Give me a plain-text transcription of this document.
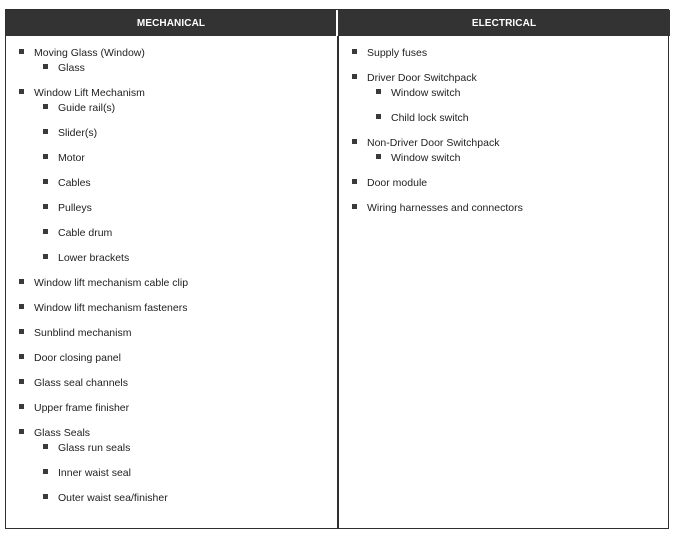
MECHANICAL	ELECTRICAL
Moving Glass (Window)
Glass
Window Lift Mechanism
Guide rail(s)
Slider(s)
Motor
Cables
Pulleys
Cable drum
Lower brackets
Window lift mechanism cable clip
Window lift mechanism fasteners
Sunblind mechanism
Door closing panel
Glass seal channels
Upper frame finisher
Glass Seals
Glass run seals
Inner waist seal
Outer waist sea/finisher
Supply fuses
Driver Door Switchpack
Window switch
Child lock switch
Non-Driver Door Switchpack
Window switch
Door module
Wiring harnesses and connectors
